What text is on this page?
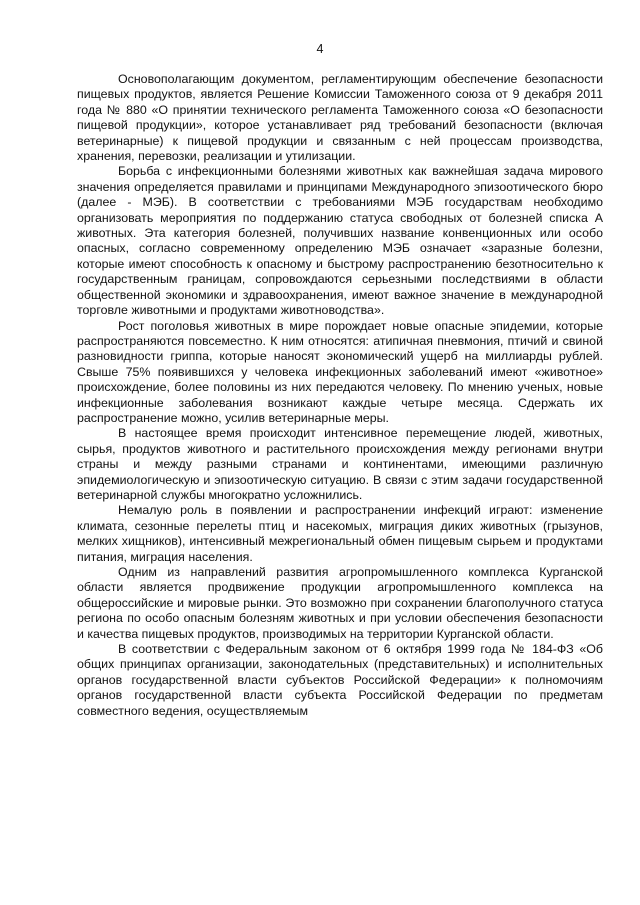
4

Основополагающим документом, регламентирующим обеспечение безопасности пищевых продуктов, является Решение Комиссии Таможенного союза от 9 декабря 2011 года № 880 «О принятии технического регламента Таможенного союза «О безопасности пищевой продукции», которое устанавливает ряд требований безопасности (включая ветеринарные) к пищевой продукции и связанным с ней процессам производства, хранения, перевозки, реализации и утилизации.

Борьба с инфекционными болезнями животных как важнейшая задача мирового значения определяется правилами и принципами Международного эпизоотического бюро (далее - МЭБ). В соответствии с требованиями МЭБ государствам необходимо организовать мероприятия по поддержанию статуса свободных от болезней списка А животных. Эта категория болезней, получивших название конвенционных или особо опасных, согласно современному определению МЭБ означает «заразные болезни, которые имеют способность к опасному и быстрому распространению безотносительно к государственным границам, сопровождаются серьезными последствиями в области общественной экономики и здравоохранения, имеют важное значение в международной торговле животными и продуктами животноводства».

Рост поголовья животных в мире порождает новые опасные эпидемии, которые распространяются повсеместно. К ним относятся: атипичная пневмония, птичий и свиной разновидности гриппа, которые наносят экономический ущерб на миллиарды рублей. Свыше 75% появившихся у человека инфекционных заболеваний имеют «животное» происхождение, более половины из них передаются человеку. По мнению ученых, новые инфекционные заболевания возникают каждые четыре месяца. Сдержать их распространение можно, усилив ветеринарные меры.

В настоящее время происходит интенсивное перемещение людей, животных, сырья, продуктов животного и растительного происхождения между регионами внутри страны и между разными странами и континентами, имеющими различную эпидемиологическую и эпизоотическую ситуацию. В связи с этим задачи государственной ветеринарной службы многократно усложнились.

Немалую роль в появлении и распространении инфекций играют: изменение климата, сезонные перелеты птиц и насекомых, миграция диких животных (грызунов, мелких хищников), интенсивный межрегиональный обмен пищевым сырьем и продуктами питания, миграция населения.

Одним из направлений развития агропромышленного комплекса Курганской области является продвижение продукции агропромышленного комплекса на общероссийские и мировые рынки. Это возможно при сохранении благополучного статуса региона по особо опасным болезням животных и при условии обеспечения безопасности и качества пищевых продуктов, производимых на территории Курганской области.

В соответствии с Федеральным законом от 6 октября 1999 года № 184-ФЗ «Об общих принципах организации, законодательных (представительных) и исполнительных органов государственной власти субъектов Российской Федерации» к полномочиям органов государственной власти субъекта Российской Федерации по предметам совместного ведения, осуществляемым
